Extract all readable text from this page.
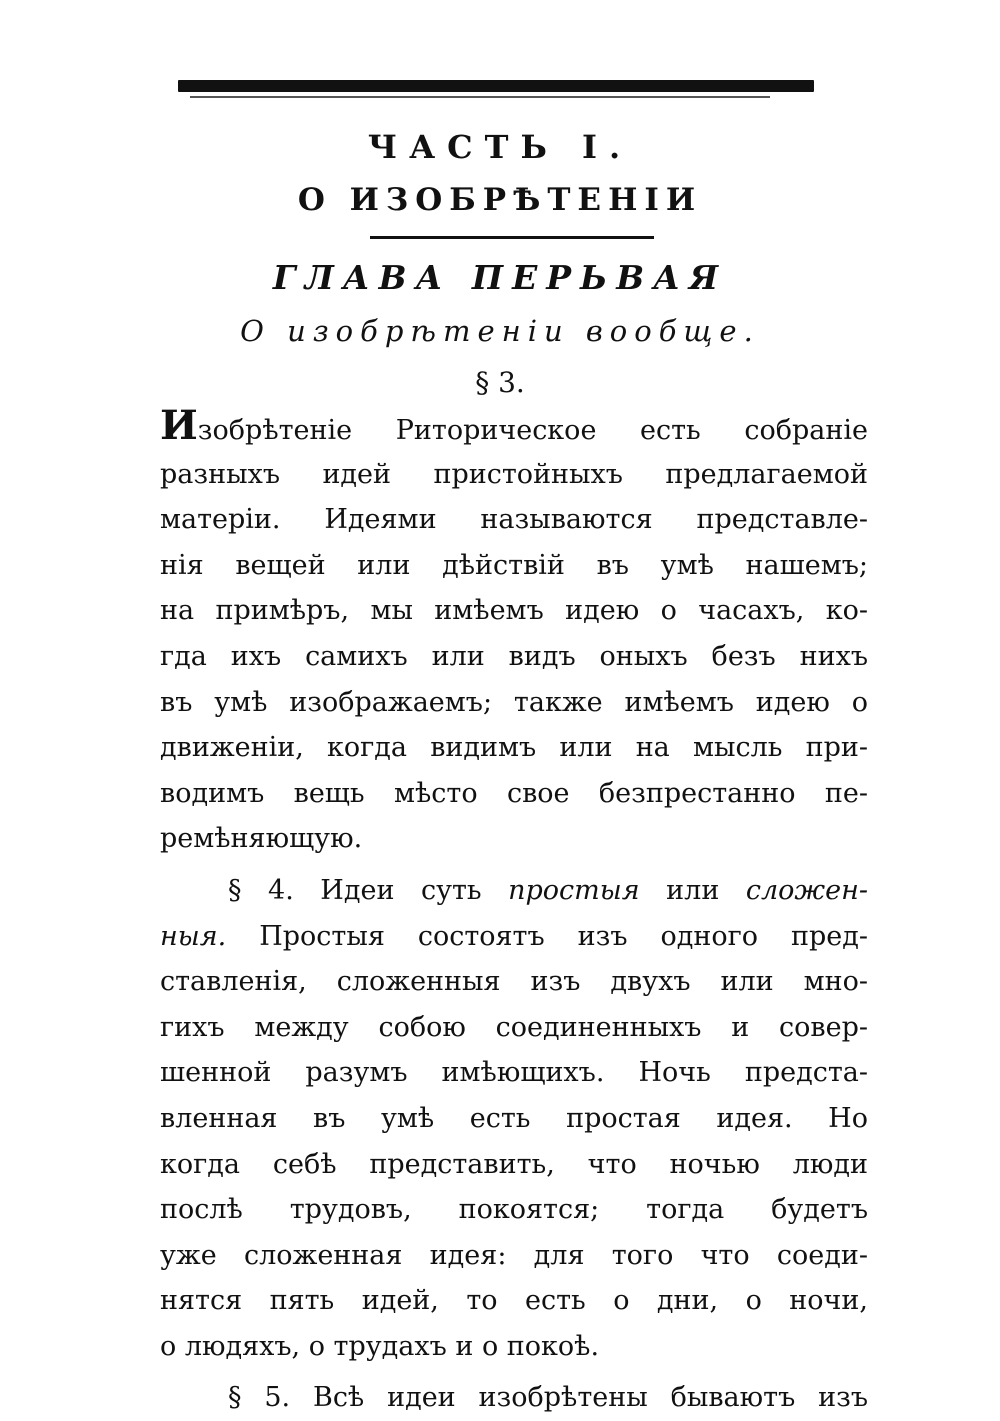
ЧАСТЬ I.
О ИЗОБРѢТЕНІИ
ГЛАВА ПЕРЬВАЯ
О изобрѣтеніи вообще.
§ 3.
Изобрѣтеніе Риторическое есть собраніе
разныхъ идей пристойныхъ предлагаемой
матеріи. Идеями называются представле-
нія вещей или дѣйствій въ умѣ нашемъ;
на примѣръ, мы имѣемъ идею о часахъ, ко-
гда ихъ самихъ или видъ оныхъ безъ нихъ
въ умѣ изображаемъ; также имѣемъ идею о
движеніи, когда видимъ или на мысль при-
водимъ вещь мѣсто свое безпрестанно пе-
ремѣняющую.
§ 4. Идеи суть простыя или сложен-
ныя. Простыя состоятъ изъ одного пред-
ставленія, сложенныя изъ двухъ или мно-
гихъ между собою соединенныхъ и совер-
шенной разумъ имѣющихъ. Ночь предста-
вленная въ умѣ есть простая идея. Но
когда себѣ представить, что ночью люди
послѣ трудовъ, покоятся; тогда будетъ
уже сложенная идея: для того что соеди-
нятся пять идей, то есть о дни, о ночи,
о людяхъ, о трудахъ и о покоѣ.
§ 5. Всѣ идеи изобрѣтены бываютъ изъ
